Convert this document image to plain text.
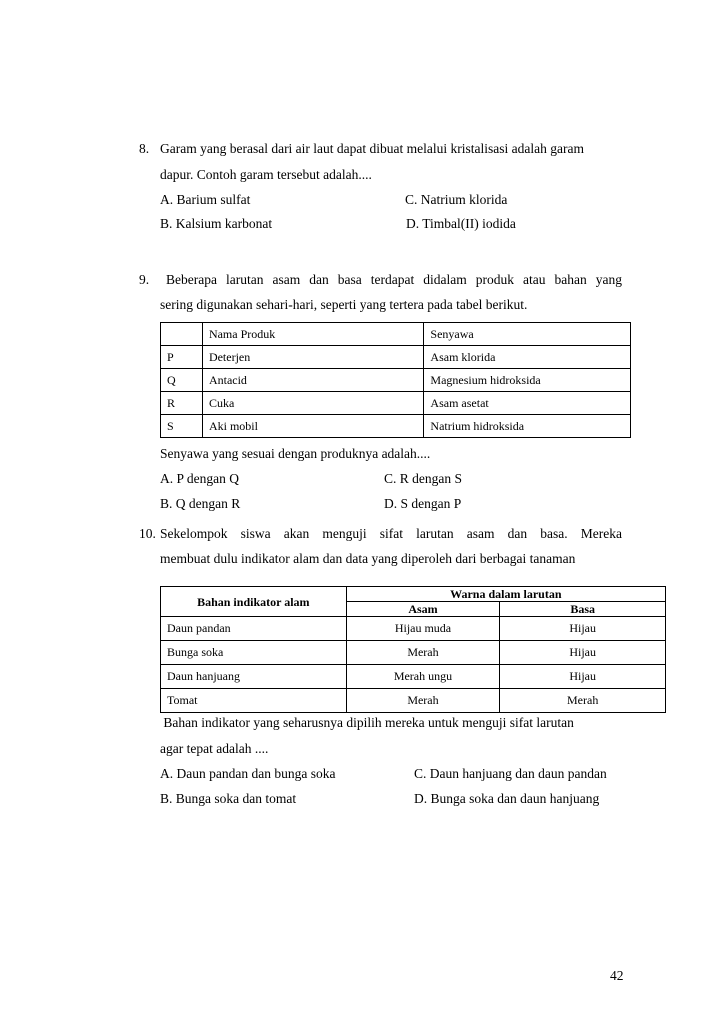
8. Garam yang berasal dari air laut dapat dibuat melalui kristalisasi adalah garam
dapur. Contoh garam tersebut adalah....
A. Barium sulfat	C. Natrium klorida
B. Kalsium karbonat	D. Timbal(II) iodida
9. Beberapa larutan asam dan basa terdapat didalam produk atau bahan yang
sering digunakan sehari-hari, seperti yang tertera pada tabel berikut.
	Nama Produk	Senyawa
P	Deterjen	Asam klorida
Q	Antacid	Magnesium hidroksida
R	Cuka	Asam asetat
S	Aki mobil	Natrium hidroksida
Senyawa yang sesuai dengan produknya adalah....
A. P dengan Q	C. R dengan S
B. Q dengan R	D. S dengan P
10. Sekelompok siswa akan menguji sifat larutan asam dan basa. Mereka
membuat dulu indikator alam dan data yang diperoleh dari berbagai tanaman
Bahan indikator alam	Warna dalam larutan	
	Asam	Basa
Daun pandan	Hijau muda	Hijau
Bunga soka	Merah	Hijau
Daun hanjuang	Merah ungu	Hijau
Tomat	Merah	Merah
Bahan indikator yang seharusnya dipilih mereka untuk menguji sifat larutan
agar tepat adalah ....
A. Daun pandan dan bunga soka	C. Daun hanjuang dan daun pandan
B. Bunga soka dan tomat	D. Bunga soka dan daun hanjuang
42
